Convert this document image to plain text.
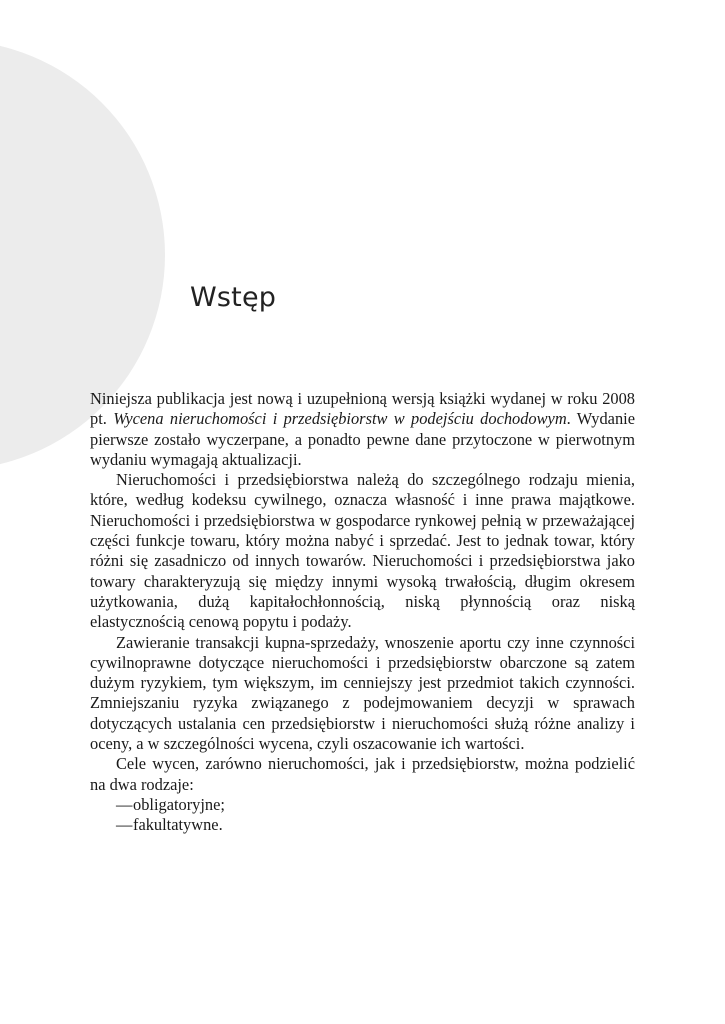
Wstęp

Niniejsza publikacja jest nową i uzupełnioną wersją książki wydanej w roku 2008 pt. Wycena nieruchomości i przedsiębiorstw w podejściu dochodowym. Wydanie pierwsze zostało wyczerpane, a ponadto pewne dane przytoczone w pierwotnym wydaniu wymagają aktualizacji.

Nieruchomości i przedsiębiorstwa należą do szczególnego rodzaju mienia, które, według kodeksu cywilnego, oznacza własność i inne prawa majątkowe. Nieruchomości i przedsiębiorstwa w gospodarce rynkowej pełnią w przeważającej części funkcje towaru, który można nabyć i sprzedać. Jest to jednak towar, który różni się zasadniczo od innych towarów. Nieruchomości i przedsiębiorstwa jako towary charakteryzują się między innymi wysoką trwałością, długim okresem użytkowania, dużą kapitałochłonnością, niską płynnością oraz niską elastycznością cenową popytu i podaży.

Zawieranie transakcji kupna-sprzedaży, wnoszenie aportu czy inne czynności cywilnoprawne dotyczące nieruchomości i przedsiębiorstw obarczone są zatem dużym ryzykiem, tym większym, im cenniejszy jest przedmiot takich czynności. Zmniejszaniu ryzyka związanego z podejmowaniem decyzji w sprawach dotyczących ustalania cen przedsiębiorstw i nieruchomości służą różne analizy i oceny, a w szczególności wycena, czyli oszacowanie ich wartości.

Cele wycen, zarówno nieruchomości, jak i przedsiębiorstw, można podzielić na dwa rodzaje:

—obligatoryjne;
—fakultatywne.
